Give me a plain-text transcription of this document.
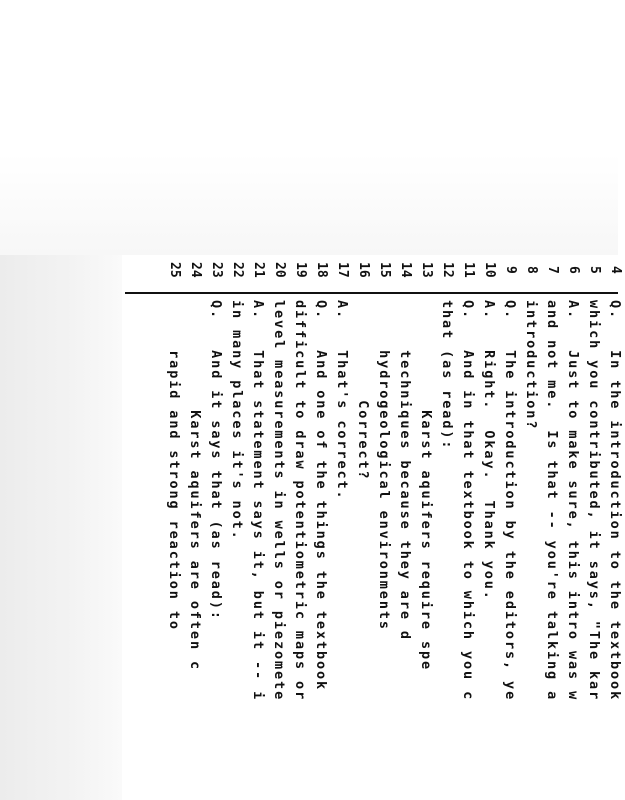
4
5
6
7
8
9
10
11
12
13
14
15
16
17
18
19
20
21
22
23
24
25
Q.   In the introduction to the textbook
which you contributed, it says, "The kar
A.   Just to make sure, this intro was w
and not me.  Is that -- you're talking a
introduction?
Q.   The introduction by the editors, ye
A.   Right.  Okay.  Thank you.
Q.   And in that textbook to which you c
that (as read):
Karst aquifers require spe
techniques because they are d
hydrogeological environments
Correct?
A.   That's correct.
Q.   And one of the things the textbook
difficult to draw potentiometric maps or
level measurements in wells or piezomete
A.   That statement says it, but it -- i
in many places it's not.
Q.   And it says that (as read):
Karst aquifers are often c
rapid and strong reaction to
